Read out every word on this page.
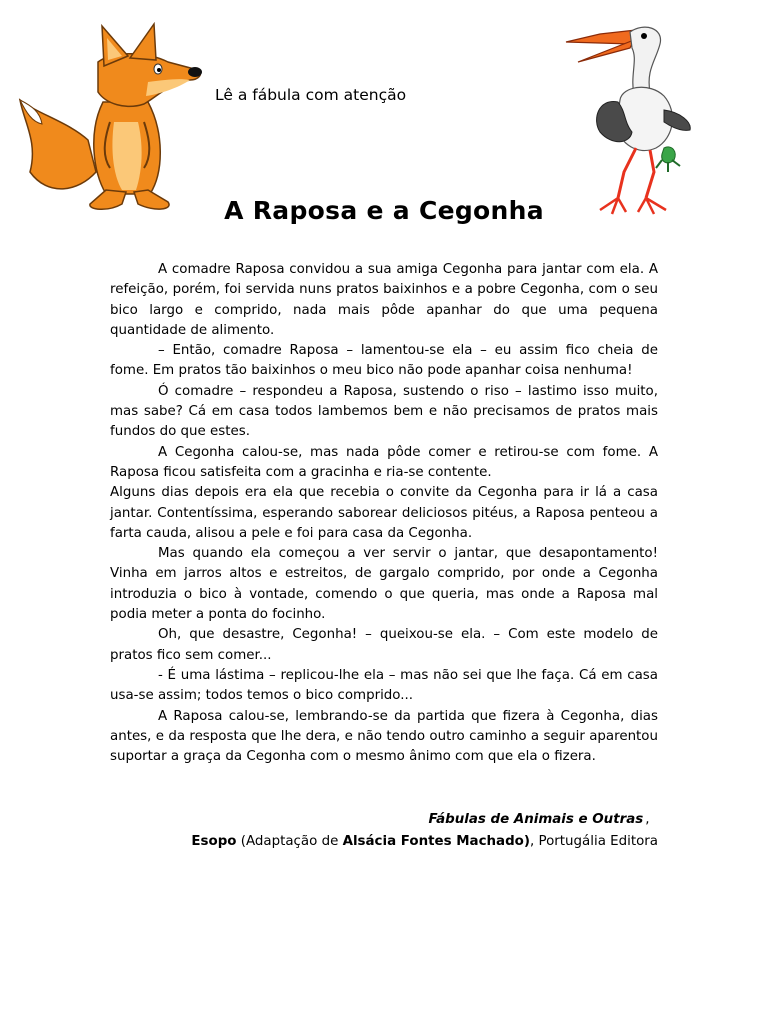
Lê a fábula com atenção
A Raposa e a Cegonha

A comadre Raposa convidou a sua amiga Cegonha para jantar com ela. A refeição, porém, foi servida nuns pratos baixinhos e a pobre Cegonha, com o seu bico largo e comprido, nada mais pôde apanhar do que uma pequena quantidade de alimento.

– Então, comadre Raposa – lamentou-se ela – eu assim fico cheia de fome. Em pratos tão baixinhos o meu bico não pode apanhar coisa nenhuma!

Ó comadre – respondeu a Raposa, sustendo o riso – lastimo isso muito, mas sabe? Cá em casa todos lambemos bem e não precisamos de pratos mais fundos do que estes.

A Cegonha calou-se, mas nada pôde comer e retirou-se com fome. A Raposa ficou satisfeita com a gracinha e ria-se contente.

Alguns dias depois era ela que recebia o convite da Cegonha para ir lá a casa jantar. Contentíssima, esperando saborear deliciosos pitéus, a Raposa penteou a farta cauda, alisou a pele e foi para casa da Cegonha.

Mas quando ela começou a ver servir o jantar, que desapontamento! Vinha em jarros altos e estreitos, de gargalo comprido, por onde a Cegonha introduzia o bico à vontade, comendo o que queria, mas onde a Raposa mal podia meter a ponta do focinho.

Oh, que desastre, Cegonha! – queixou-se ela. – Com este modelo de pratos fico sem comer...

- É uma lástima – replicou-lhe ela – mas não sei que lhe faça. Cá em casa usa-se assim; todos temos o bico comprido...

A Raposa calou-se, lembrando-se da partida que fizera à Cegonha, dias antes, e da resposta que lhe dera, e não tendo outro caminho a seguir aparentou suportar a graça da Cegonha com o mesmo ânimo com que ela o fizera.

Fábulas de Animais e Outras ,
Esopo (Adaptação de Alsácia Fontes Machado), Portugália Editora
